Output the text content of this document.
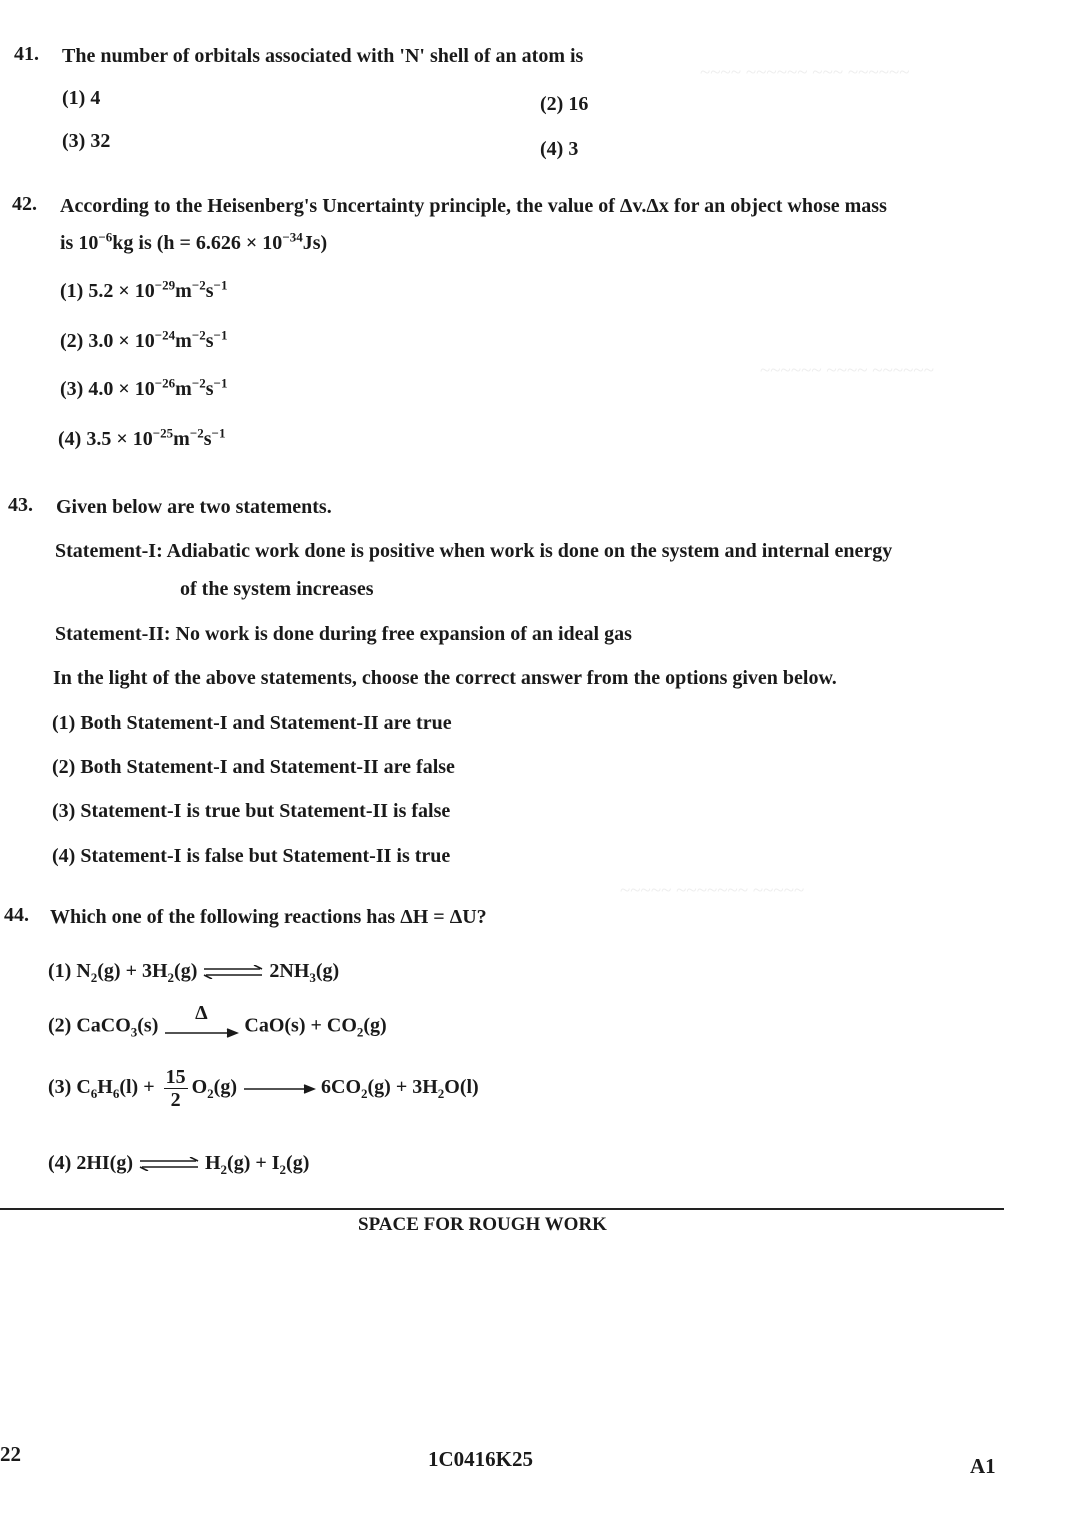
~~~~ ~~~~~~ ~~~ ~~~~~~
~~~~~~ ~~~~ ~~~~~~
~~~~~ ~~~~~~~ ~~~~~
41. The number of orbitals associated with 'N' shell of an atom is
(1) 4	(2) 16
(3) 32	(4) 3
42. According to the Heisenberg's Uncertainty principle, the value of Δv.Δx for an object whose mass
is $10^{-6}kg$ is $(h = 6.626 \times 10^{-34}Js)$
(1) $5.2 \times 10^{-29}m^{-2}s^{-1}$
(2) $3.0 \times 10^{-24}m^{-2}s^{-1}$
(3) $4.0 \times 10^{-26}m^{-2}s^{-1}$
(4) $3.5 \times 10^{-25}m^{-2}s^{-1}$
43. Given below are two statements.
Statement-I: Adiabatic work done is positive when work is done on the system and internal energy
of the system increases
Statement-II: No work is done during free expansion of an ideal gas
In the light of the above statements, choose the correct answer from the options given below.
(1) Both Statement-I and Statement-II are true
(2) Both Statement-I and Statement-II are false
(3) Statement-I is true but Statement-II is false
(4) Statement-I is false but Statement-II is true
44. Which one of the following reactions has ΔH = ΔU?
(1) $N_2(g) + 3H_2(g)$ ⇌ $2NH_3(g)$
(2) CaCO$_3$(s)
Δ
$CaO(s) + CO_2(g)$
(3) $C_6H_6(l) + \frac{15}{2} O_2(g)$	$6CO_2(g) + 3H_2O(l)$
(4) 2HI(g) ⇌ $H_2(g) + I_2(g)$
SPACE FOR ROUGH WORK
22	1C0416K25	A1
